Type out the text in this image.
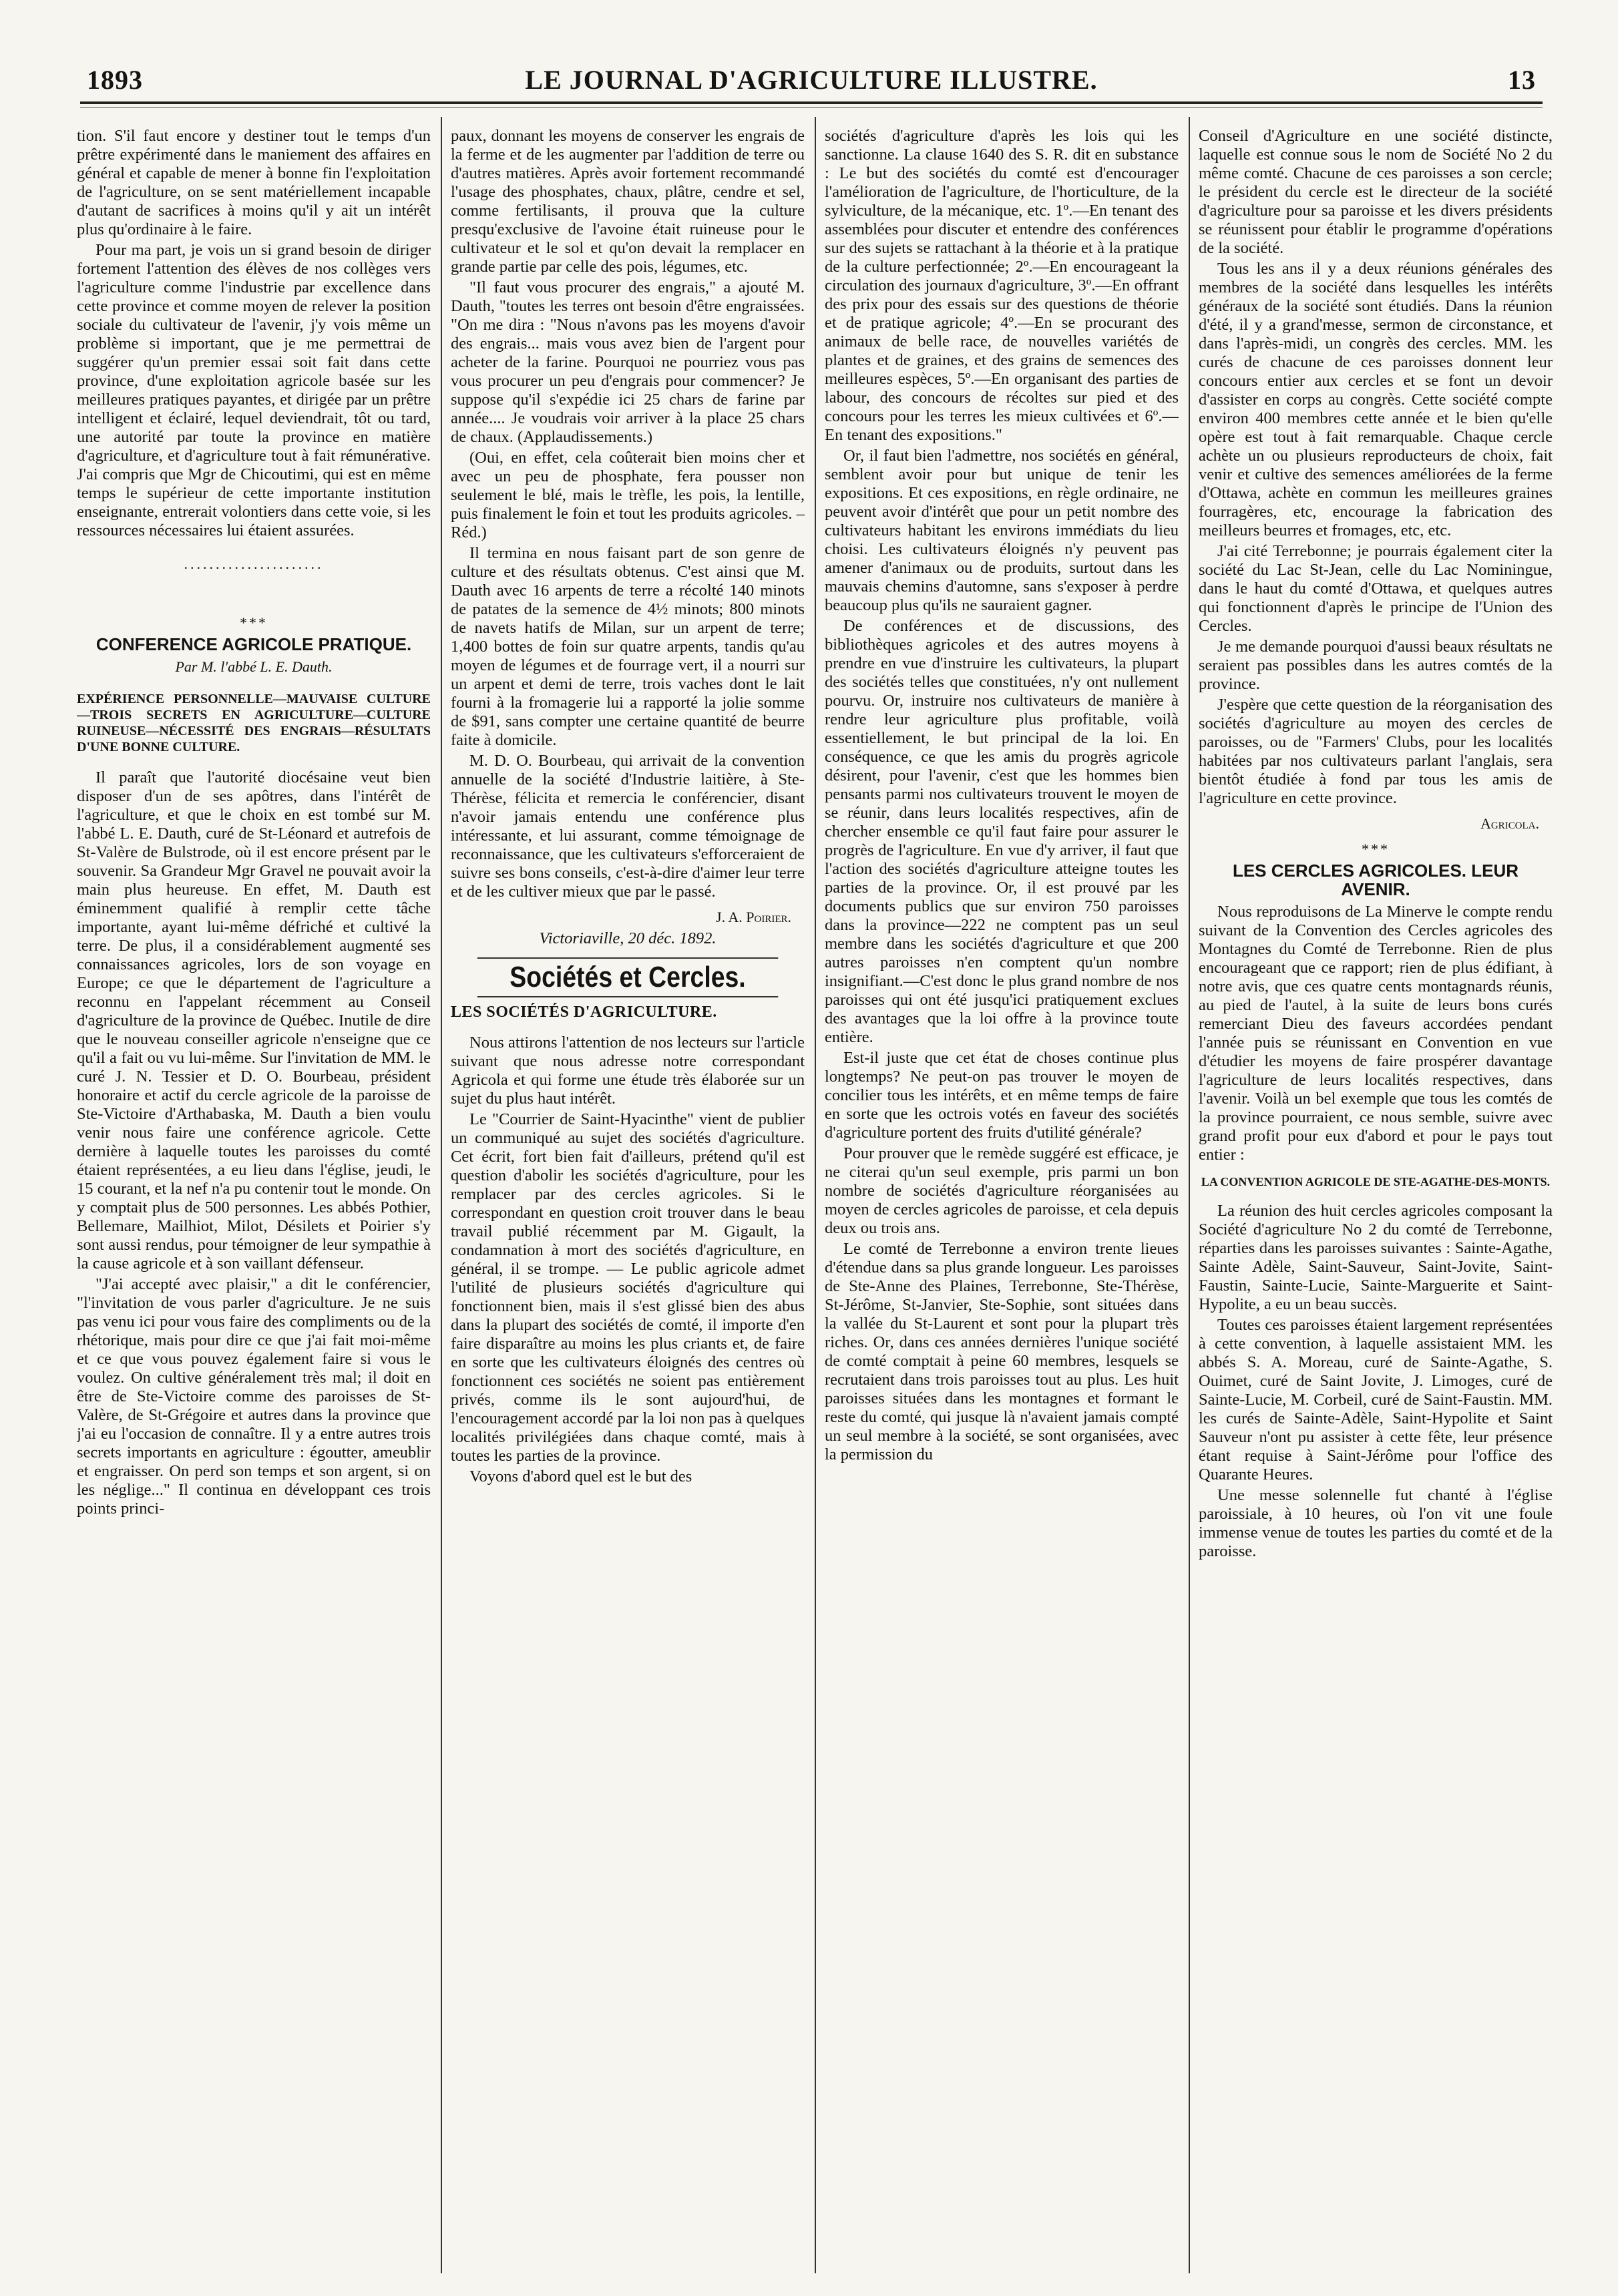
1893	LE JOURNAL D'AGRICULTURE ILLUSTRE.	13

tion. S'il faut encore y destiner tout le temps d'un prêtre expérimenté dans le maniement des affaires en général et capable de mener à bonne fin l'exploitation de l'agriculture, on se sent matériellement incapable d'autant de sacrifices à moins qu'il y ait un intérêt plus qu'ordinaire à le faire.

Pour ma part, je vois un si grand besoin de diriger fortement l'attention des élèves de nos collèges vers l'agriculture comme l'industrie par excellence dans cette province et comme moyen de relever la position sociale du cultivateur de l'avenir, j'y vois même un problème si important, que je me permettrai de suggérer qu'un premier essai soit fait dans cette province, d'une exploitation agricole basée sur les meilleures pratiques payantes, et dirigée par un prêtre intelligent et éclairé, lequel deviendrait, tôt ou tard, une autorité par toute la province en matière d'agriculture, et d'agriculture tout à fait rémunérative. J'ai compris que Mgr de Chicoutimi, qui est en même temps le supérieur de cette importante institution enseignante, entrerait volontiers dans cette voie, si les ressources nécessaires lui étaient assurées.

......................
***
CONFERENCE AGRICOLE PRATIQUE.
Par M. l'abbé L. E. Dauth.
EXPÉRIENCE PERSONNELLE—MAUVAISE CULTURE—TROIS SECRETS EN AGRICULTURE—CULTURE RUINEUSE—NÉCESSITÉ DES ENGRAIS—RÉSULTATS D'UNE BONNE CULTURE.

Il paraît que l'autorité diocésaine veut bien disposer d'un de ses apôtres, dans l'intérêt de l'agriculture, et que le choix en est tombé sur M. l'abbé L. E. Dauth, curé de St-Léonard et autrefois de St-Valère de Bulstrode, où il est encore présent par le souvenir. Sa Grandeur Mgr Gravel ne pouvait avoir la main plus heureuse. En effet, M. Dauth est éminemment qualifié à remplir cette tâche importante, ayant lui-même défriché et cultivé la terre. De plus, il a considérablement augmenté ses connaissances agricoles, lors de son voyage en Europe; ce que le département de l'agriculture a reconnu en l'appelant récemment au Conseil d'agriculture de la province de Québec. Inutile de dire que le nouveau conseiller agricole n'enseigne que ce qu'il a fait ou vu lui-même. Sur l'invitation de MM. le curé J. N. Tessier et D. O. Bourbeau, président honoraire et actif du cercle agricole de la paroisse de Ste-Victoire d'Arthabaska, M. Dauth a bien voulu venir nous faire une conférence agricole. Cette dernière à laquelle toutes les paroisses du comté étaient représentées, a eu lieu dans l'église, jeudi, le 15 courant, et la nef n'a pu contenir tout le monde. On y comptait plus de 500 personnes. Les abbés Pothier, Bellemare, Mailhiot, Milot, Désilets et Poirier s'y sont aussi rendus, pour témoigner de leur sympathie à la cause agricole et à son vaillant défenseur.

"J'ai accepté avec plaisir," a dit le conférencier, "l'invitation de vous parler d'agriculture. Je ne suis pas venu ici pour vous faire des compliments ou de la rhétorique, mais pour dire ce que j'ai fait moi-même et ce que vous pouvez également faire si vous le voulez. On cultive généralement très mal; il doit en être de Ste-Victoire comme des paroisses de St-Valère, de St-Grégoire et autres dans la province que j'ai eu l'occasion de connaître. Il y a entre autres trois secrets importants en agriculture : égoutter, ameublir et engraisser. On perd son temps et son argent, si on les néglige..." Il continua en développant ces trois points princi-

paux, donnant les moyens de conserver les engrais de la ferme et de les augmenter par l'addition de terre ou d'autres matières. Après avoir fortement recommandé l'usage des phosphates, chaux, plâtre, cendre et sel, comme fertilisants, il prouva que la culture presqu'exclusive de l'avoine était ruineuse pour le cultivateur et le sol et qu'on devait la remplacer en grande partie par celle des pois, légumes, etc.

"Il faut vous procurer des engrais," a ajouté M. Dauth, "toutes les terres ont besoin d'être engraissées. "On me dira : "Nous n'avons pas les moyens d'avoir des engrais... mais vous avez bien de l'argent pour acheter de la farine. Pourquoi ne pourriez vous pas vous procurer un peu d'engrais pour commencer? Je suppose qu'il s'expédie ici 25 chars de farine par année.... Je voudrais voir arriver à la place 25 chars de chaux. (Applaudissements.)

(Oui, en effet, cela coûterait bien moins cher et avec un peu de phosphate, fera pousser non seulement le blé, mais le trèfle, les pois, la lentille, puis finalement le foin et tout les produits agricoles. – Réd.)

Il termina en nous faisant part de son genre de culture et des résultats obtenus. C'est ainsi que M. Dauth avec 16 arpents de terre a récolté 140 minots de patates de la semence de 4½ minots; 800 minots de navets hatifs de Milan, sur un arpent de terre; 1,400 bottes de foin sur quatre arpents, tandis qu'au moyen de légumes et de fourrage vert, il a nourri sur un arpent et demi de terre, trois vaches dont le lait fourni à la fromagerie lui a rapporté la jolie somme de $91, sans compter une certaine quantité de beurre faite à domicile.

M. D. O. Bourbeau, qui arrivait de la convention annuelle de la société d'Industrie laitière, à Ste-Thérèse, félicita et remercia le conférencier, disant n'avoir jamais entendu une conférence plus intéressante, et lui assurant, comme témoignage de reconnaissance, que les cultivateurs s'efforceraient de suivre ses bons conseils, c'est-à-dire d'aimer leur terre et de les cultiver mieux que par le passé.

J. A. Poirier.
Victoriaville, 20 déc. 1892.
Sociétés et Cercles.
LES SOCIÉTÉS D'AGRICULTURE.

Nous attirons l'attention de nos lecteurs sur l'article suivant que nous adresse notre correspondant Agricola et qui forme une étude très élaborée sur un sujet du plus haut intérêt.

Le "Courrier de Saint-Hyacinthe" vient de publier un communiqué au sujet des sociétés d'agriculture. Cet écrit, fort bien fait d'ailleurs, prétend qu'il est question d'abolir les sociétés d'agriculture, pour les remplacer par des cercles agricoles. Si le correspondant en question croit trouver dans le beau travail publié récemment par M. Gigault, la condamnation à mort des sociétés d'agriculture, en général, il se trompe. — Le public agricole admet l'utilité de plusieurs sociétés d'agriculture qui fonctionnent bien, mais il s'est glissé bien des abus dans la plupart des sociétés de comté, il importe d'en faire disparaître au moins les plus criants et, de faire en sorte que les cultivateurs éloignés des centres où fonctionnent ces sociétés ne soient pas entièrement privés, comme ils le sont aujourd'hui, de l'encouragement accordé par la loi non pas à quelques localités privilégiées dans chaque comté, mais à toutes les parties de la province.

Voyons d'abord quel est le but des

sociétés d'agriculture d'après les lois qui les sanctionne. La clause 1640 des S. R. dit en substance : Le but des sociétés du comté est d'encourager l'amélioration de l'agriculture, de l'horticulture, de la sylviculture, de la mécanique, etc. 1º.—En tenant des assemblées pour discuter et entendre des conférences sur des sujets se rattachant à la théorie et à la pratique de la culture perfectionnée; 2º.—En encourageant la circulation des journaux d'agriculture, 3º.—En offrant des prix pour des essais sur des questions de théorie et de pratique agricole; 4º.—En se procurant des animaux de belle race, de nouvelles variétés de plantes et de graines, et des grains de semences des meilleures espèces, 5º.—En organisant des parties de labour, des concours de récoltes sur pied et des concours pour les terres les mieux cultivées et 6º.—En tenant des expositions."

Or, il faut bien l'admettre, nos sociétés en général, semblent avoir pour but unique de tenir les expositions. Et ces expositions, en règle ordinaire, ne peuvent avoir d'intérêt que pour un petit nombre des cultivateurs habitant les environs immédiats du lieu choisi. Les cultivateurs éloignés n'y peuvent pas amener d'animaux ou de produits, surtout dans les mauvais chemins d'automne, sans s'exposer à perdre beaucoup plus qu'ils ne sauraient gagner.

De conférences et de discussions, des bibliothèques agricoles et des autres moyens à prendre en vue d'instruire les cultivateurs, la plupart des sociétés telles que constituées, n'y ont nullement pourvu. Or, instruire nos cultivateurs de manière à rendre leur agriculture plus profitable, voilà essentiellement, le but principal de la loi. En conséquence, ce que les amis du progrès agricole désirent, pour l'avenir, c'est que les hommes bien pensants parmi nos cultivateurs trouvent le moyen de se réunir, dans leurs localités respectives, afin de chercher ensemble ce qu'il faut faire pour assurer le progrès de l'agriculture. En vue d'y arriver, il faut que l'action des sociétés d'agriculture atteigne toutes les parties de la province. Or, il est prouvé par les documents publics que sur environ 750 paroisses dans la province—222 ne comptent pas un seul membre dans les sociétés d'agriculture et que 200 autres paroisses n'en comptent qu'un nombre insignifiant.—C'est donc le plus grand nombre de nos paroisses qui ont été jusqu'ici pratiquement exclues des avantages que la loi offre à la province toute entière.

Est-il juste que cet état de choses continue plus longtemps? Ne peut-on pas trouver le moyen de concilier tous les intérêts, et en même temps de faire en sorte que les octrois votés en faveur des sociétés d'agriculture portent des fruits d'utilité générale?

Pour prouver que le remède suggéré est efficace, je ne citerai qu'un seul exemple, pris parmi un bon nombre de sociétés d'agriculture réorganisées au moyen de cercles agricoles de paroisse, et cela depuis deux ou trois ans.

Le comté de Terrebonne a environ trente lieues d'étendue dans sa plus grande longueur. Les paroisses de Ste-Anne des Plaines, Terrebonne, Ste-Thérèse, St-Jérôme, St-Janvier, Ste-Sophie, sont situées dans la vallée du St-Laurent et sont pour la plupart très riches. Or, dans ces années dernières l'unique société de comté comptait à peine 60 membres, lesquels se recrutaient dans trois paroisses tout au plus. Les huit paroisses situées dans les montagnes et formant le reste du comté, qui jusque là n'avaient jamais compté un seul membre à la société, se sont organisées, avec la permission du

Conseil d'Agriculture en une société distincte, laquelle est connue sous le nom de Société No 2 du même comté. Chacune de ces paroisses a son cercle; le président du cercle est le directeur de la société d'agriculture pour sa paroisse et les divers présidents se réunissent pour établir le programme d'opérations de la société.

Tous les ans il y a deux réunions générales des membres de la société dans lesquelles les intérêts généraux de la société sont étudiés. Dans la réunion d'été, il y a grand'messe, sermon de circonstance, et dans l'après-midi, un congrès des cercles. MM. les curés de chacune de ces paroisses donnent leur concours entier aux cercles et se font un devoir d'assister en corps au congrès. Cette société compte environ 400 membres cette année et le bien qu'elle opère est tout à fait remarquable. Chaque cercle achète un ou plusieurs reproducteurs de choix, fait venir et cultive des semences améliorées de la ferme d'Ottawa, achète en commun les meilleures graines fourragères, etc, encourage la fabrication des meilleurs beurres et fromages, etc, etc.

J'ai cité Terrebonne; je pourrais également citer la société du Lac St-Jean, celle du Lac Nominingue, dans le haut du comté d'Ottawa, et quelques autres qui fonctionnent d'après le principe de l'Union des Cercles.

Je me demande pourquoi d'aussi beaux résultats ne seraient pas possibles dans les autres comtés de la province.

J'espère que cette question de la réorganisation des sociétés d'agriculture au moyen des cercles de paroisses, ou de "Farmers' Clubs, pour les localités habitées par nos cultivateurs parlant l'anglais, sera bientôt étudiée à fond par tous les amis de l'agriculture en cette province.

Agricola.
***
LES CERCLES AGRICOLES. LEUR AVENIR.

Nous reproduisons de La Minerve le compte rendu suivant de la Convention des Cercles agricoles des Montagnes du Comté de Terrebonne. Rien de plus encourageant que ce rapport; rien de plus édifiant, à notre avis, que ces quatre cents montagnards réunis, au pied de l'autel, à la suite de leurs bons curés remerciant Dieu des faveurs accordées pendant l'année puis se réunissant en Convention en vue d'étudier les moyens de faire prospérer davantage l'agriculture de leurs localités respectives, dans l'avenir. Voilà un bel exemple que tous les comtés de la province pourraient, ce nous semble, suivre avec grand profit pour eux d'abord et pour le pays tout entier :

LA CONVENTION AGRICOLE DE STE-AGATHE-DES-MONTS.

La réunion des huit cercles agricoles composant la Société d'agriculture No 2 du comté de Terrebonne, réparties dans les paroisses suivantes : Sainte-Agathe, Sainte Adèle, Saint-Sauveur, Saint-Jovite, Saint-Faustin, Sainte-Lucie, Sainte-Marguerite et Saint-Hypolite, a eu un beau succès.

Toutes ces paroisses étaient largement représentées à cette convention, à laquelle assistaient MM. les abbés S. A. Moreau, curé de Sainte-Agathe, S. Ouimet, curé de Saint Jovite, J. Limoges, curé de Sainte-Lucie, M. Corbeil, curé de Saint-Faustin. MM. les curés de Sainte-Adèle, Saint-Hypolite et Saint Sauveur n'ont pu assister à cette fête, leur présence étant requise à Saint-Jérôme pour l'office des Quarante Heures.

Une messe solennelle fut chanté à l'église paroissiale, à 10 heures, où l'on vit une foule immense venue de toutes les parties du comté et de la paroisse.
